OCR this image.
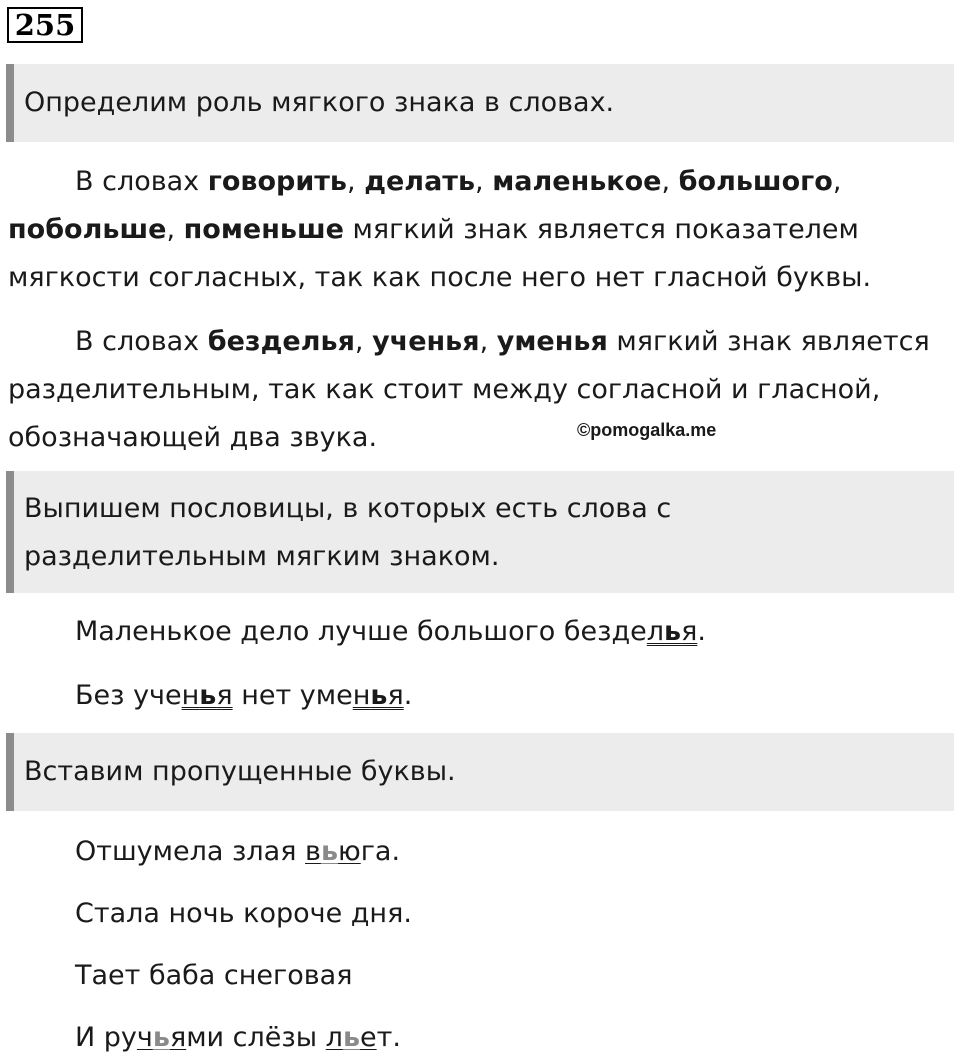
255
Определим роль мягкого знака в словах.
В словах говорить, делать, маленькое, большого,
побольше, поменьше мягкий знак является показателем
мягкости согласных, так как после него нет гласной буквы.
В словах безделья, ученья, уменья мягкий знак является
разделительным, так как стоит между согласной и гласной,
обозначающей два звука.	©pomogalka.me
Выпишем пословицы, в которых есть слова с
разделительным мягким знаком.
Маленькое дело лучше большого безделья.
Без ученья нет уменья.
Вставим пропущенные буквы.
Отшумела злая вьюга.
Стала ночь короче дня.
Тает баба снеговая
И ручьями слёзы льет.
